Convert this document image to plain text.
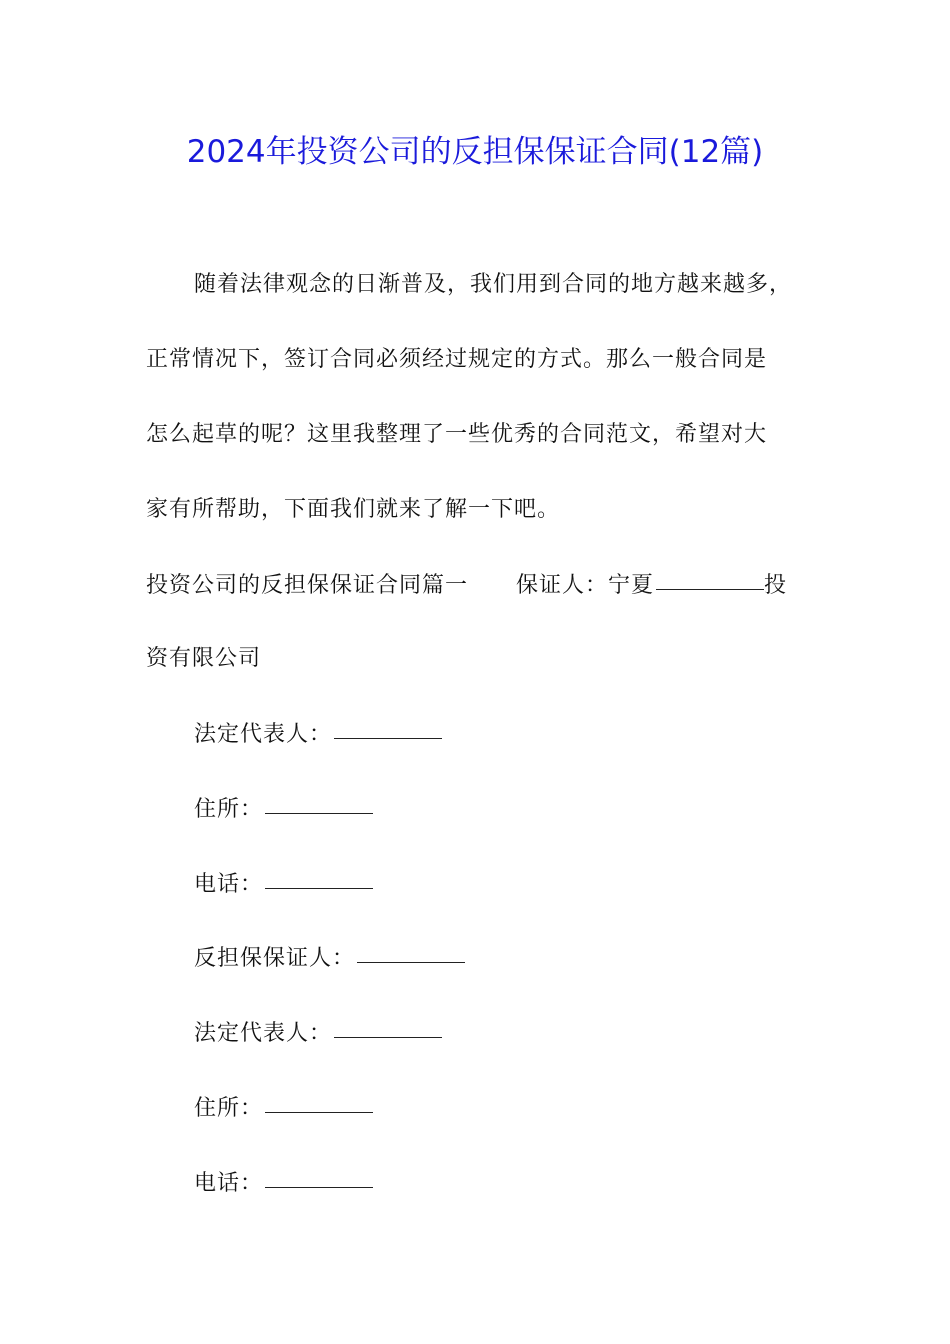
2024年投资公司的反担保保证合同(12篇)
随着法律观念的日渐普及，我们用到合同的地方越来越多，
正常情况下，签订合同必须经过规定的方式。那么一般合同是
怎么起草的呢？这里我整理了一些优秀的合同范文，希望对大
家有所帮助，下面我们就来了解一下吧。
投资公司的反担保保证合同篇一 保证人：宁夏	投
资有限公司
法定代表人：
住所：
电话：
反担保保证人：
法定代表人：
住所：
电话：
